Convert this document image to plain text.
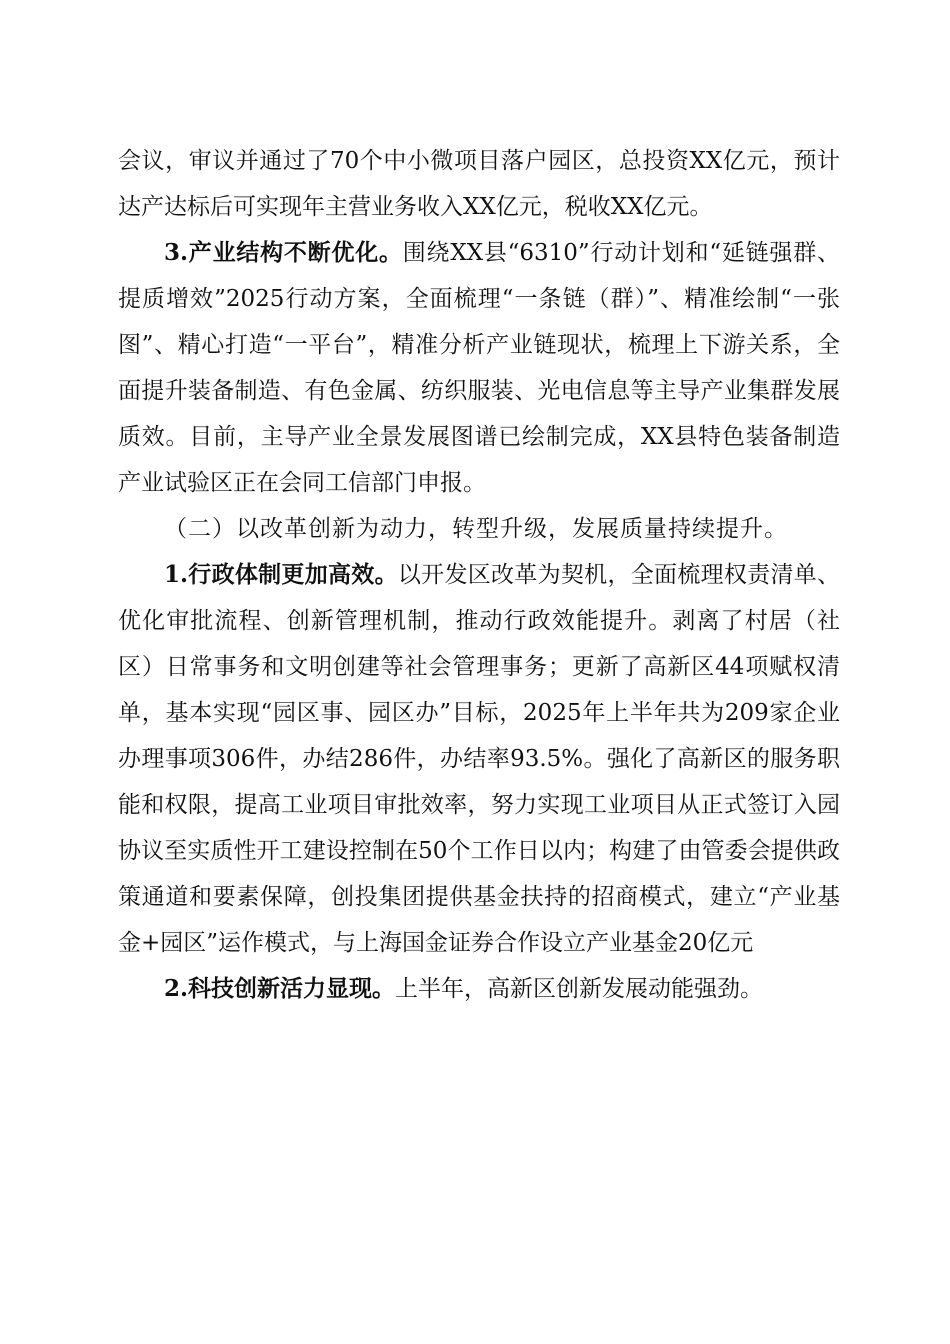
会议，审议并通过了70个中小微项目落户园区，总投资XX亿元，预计达产达标后可实现年主营业务收入XX亿元，税收XX亿元。

3.产业结构不断优化。围绕XX县“6310”行动计划和“延链强群、提质增效”2025行动方案，全面梳理“一条链（群）”、精准绘制“一张图”、精心打造“一平台”，精准分析产业链现状，梳理上下游关系，全面提升装备制造、有色金属、纺织服装、光电信息等主导产业集群发展质效。目前，主导产业全景发展图谱已绘制完成，XX县特色装备制造产业试验区正在会同工信部门申报。

（二）以改革创新为动力，转型升级，发展质量持续提升。

1.行政体制更加高效。以开发区改革为契机，全面梳理权责清单、优化审批流程、创新管理机制，推动行政效能提升。剥离了村居（社区）日常事务和文明创建等社会管理事务；更新了高新区44项赋权清单，基本实现“园区事、园区办”目标，2025年上半年共为209家企业办理事项306件，办结286件，办结率93.5%。强化了高新区的服务职能和权限，提高工业项目审批效率，努力实现工业项目从正式签订入园协议至实质性开工建设控制在50个工作日以内；构建了由管委会提供政策通道和要素保障，创投集团提供基金扶持的招商模式，建立“产业基金+园区”运作模式，与上海国金证券合作设立产业基金20亿元

2.科技创新活力显现。上半年，高新区创新发展动能强劲。
